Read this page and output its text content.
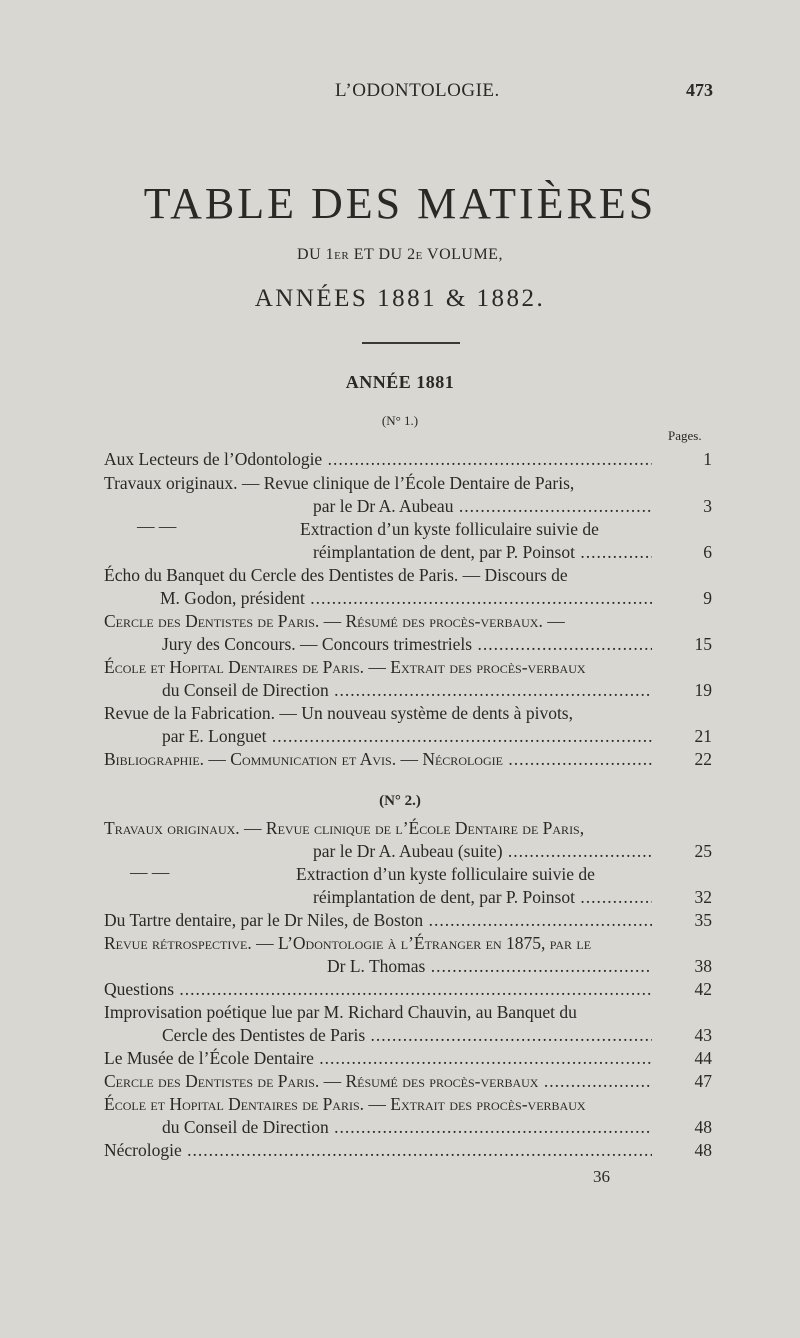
L’ODONTOLOGIE.	473
TABLE DES MATIÈRES
DU 1er ET DU 2e VOLUME,
ANNÉES 1881 & 1882.
ANNÉE 1881
(N° 1.)
Pages.
Aux Lecteurs de l’Odontologie .....	1
Travaux originaux. — Revue clinique de l’École Dentaire de Paris,
par le Dr A. Aubeau .....	3
— —	Extraction d’un kyste folliculaire suivie de
réimplantation de dent, par P. Poinsot .....	6
Écho du Banquet du Cercle des Dentistes de Paris. — Discours de
M. Godon, président .....	9
Cercle des Dentistes de Paris. — Résumé des procès-verbaux. —
Jury des Concours. — Concours trimestriels .....	15
École et Hopital Dentaires de Paris. — Extrait des procès-verbaux
du Conseil de Direction .....	19
Revue de la Fabrication. — Un nouveau système de dents à pivots,
par E. Longuet .....	21
Bibliographie. — Communication et Avis. — Nécrologie .....	22
(N° 2.)
Travaux originaux. — Revue clinique de l’École Dentaire de Paris,
par le Dr A. Aubeau (suite) .....	25
— —	Extraction d’un kyste folliculaire suivie de
réimplantation de dent, par P. Poinsot .....	32
Du Tartre dentaire, par le Dr Niles, de Boston .....	35
Revue rétrospective. — L’Odontologie à l’Étranger en 1875, par le
Dr L. Thomas .....	38
Questions .....	42
Improvisation poétique lue par M. Richard Chauvin, au Banquet du
Cercle des Dentistes de Paris .....	43
Le Musée de l’École Dentaire .....	44
Cercle des Dentistes de Paris. — Résumé des procès-verbaux .....	47
École et Hopital Dentaires de Paris. — Extrait des procès-verbaux
du Conseil de Direction .....	48
Nécrologie .....	48
36
